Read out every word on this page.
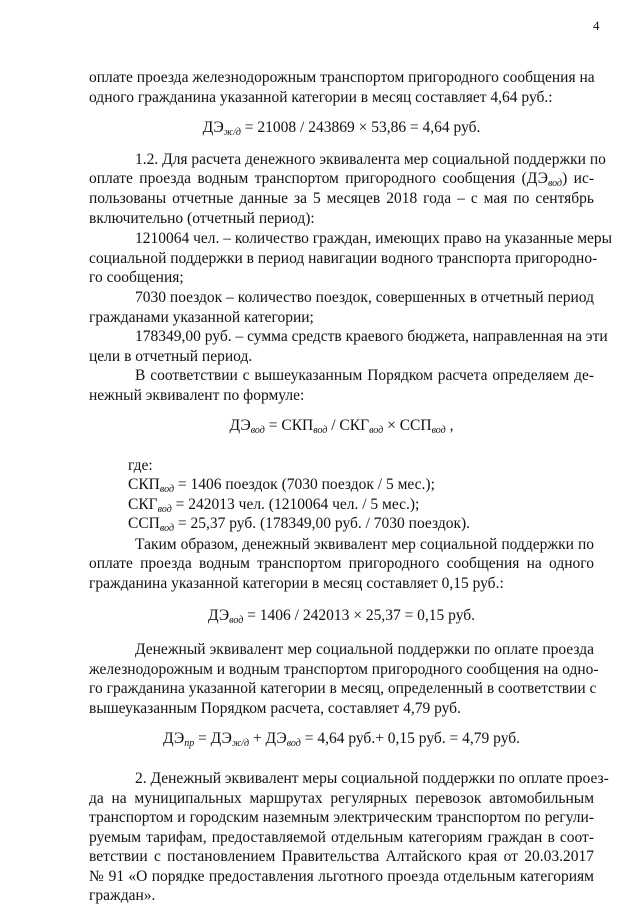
4
оплате проезда железнодорожным транспортом пригородного сообщения на
одного гражданина указанной категории в месяц составляет 4,64 руб.:
$ДЭ_{ж/д} = 21008 / 243869 \times 53,86 = 4,64$ руб.
1.2. Для расчета денежного эквивалента мер социальной поддержки по
оплате проезда водным транспортом пригородного сообщения $(ДЭ_{вод})$ ис-
пользованы отчетные данные за 5 месяцев 2018 года – с мая по сентябрь
включительно (отчетный период):
1210064 чел. – количество граждан, имеющих право на указанные меры
социальной поддержки в период навигации водного транспорта пригородно-
го сообщения;
7030 поездок – количество поездок, совершенных в отчетный период
гражданами указанной категории;
178349,00 руб. – сумма средств краевого бюджета, направленная на эти
цели в отчетный период.
В соответствии с вышеуказанным Порядком расчета определяем де-
нежный эквивалент по формуле:
$ДЭ_{вод} = СКП_{вод} / СКГ_{вод} \times ССП_{вод}$ ,
где:
$СКП_{вод} = 1406$ поездок (7030 поездок / 5 мес.);
$СКГ_{вод} = 242013$ чел. (1210064 чел. / 5 мес.);
$ССП_{вод} = 25,37$ руб. (178349,00 руб. / 7030 поездок).
Таким образом, денежный эквивалент мер социальной поддержки по
оплате проезда водным транспортом пригородного сообщения на одного
гражданина указанной категории в месяц составляет 0,15 руб.:
$ДЭ_{вод} = 1406 / 242013 \times 25,37 = 0,15$ руб.
Денежный эквивалент мер социальной поддержки по оплате проезда
железнодорожным и водным транспортом пригородного сообщения на одно-
го гражданина указанной категории в месяц, определенный в соответствии с
вышеуказанным Порядком расчета, составляет 4,79 руб.
$ДЭ_{пр} = ДЭ_{ж/д} + ДЭ_{вод} = 4,64$ руб.+ 0,15 руб. = 4,79 руб.
2. Денежный эквивалент меры социальной поддержки по оплате проез-
да на муниципальных маршрутах регулярных перевозок автомобильным
транспортом и городским наземным электрическим транспортом по регули-
руемым тарифам, предоставляемой отдельным категориям граждан в соот-
ветствии с постановлением Правительства Алтайского края от 20.03.2017
№ 91 «О порядке предоставления льготного проезда отдельным категориям
граждан».
